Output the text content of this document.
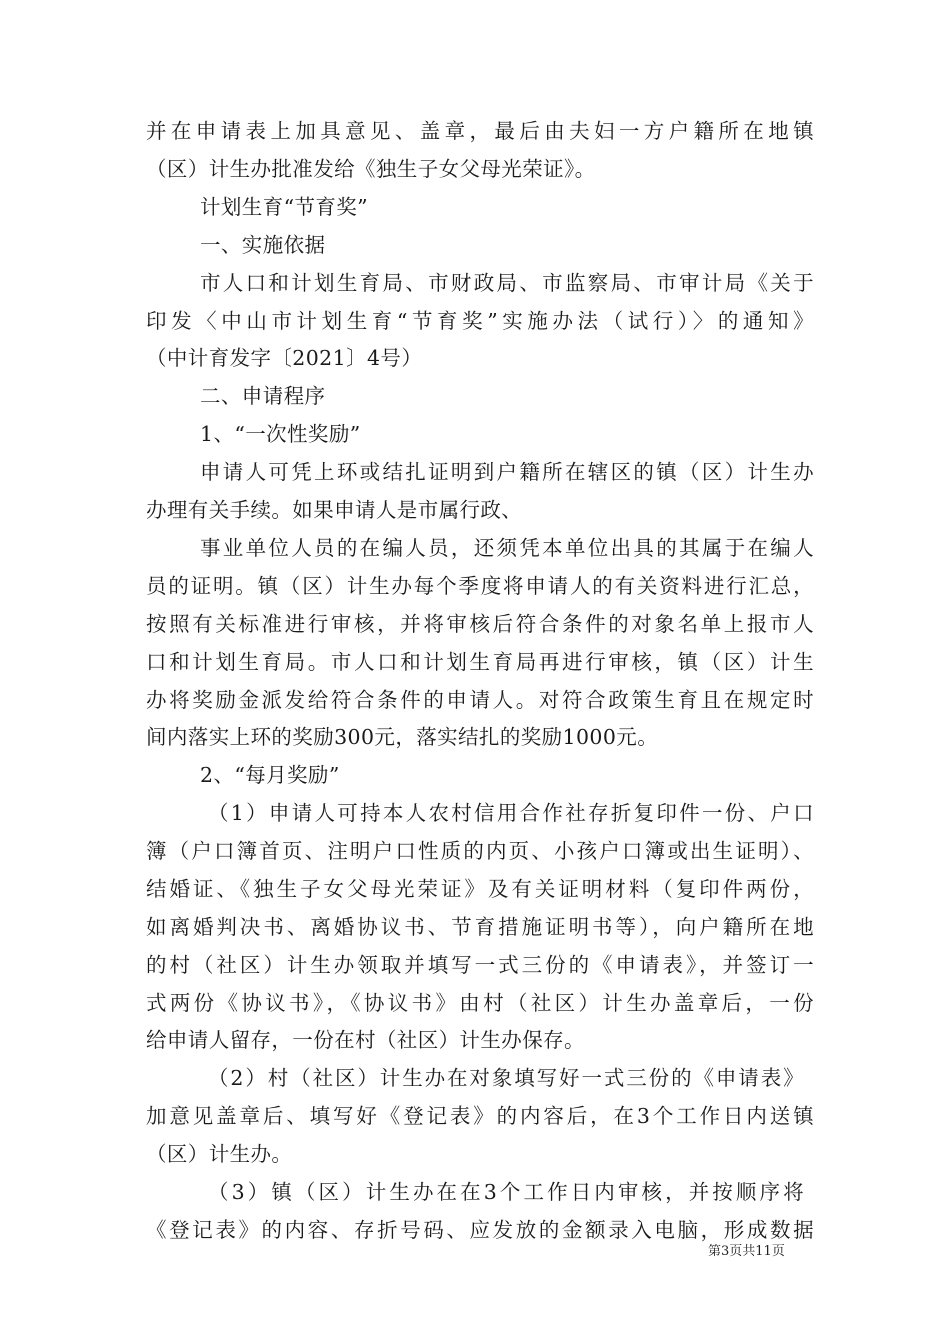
并在申请表上加具意见、盖章，最后由夫妇一方户籍所在地镇
（区）计生办批准发给《独生子女父母光荣证》。
计划生育“节育奖”
一、实施依据
市人口和计划生育局、市财政局、市监察局、市审计局《关于
印发〈中山市计划生育“节育奖”实施办法（试行）〉的通知》
（中计育发字〔2021〕4号）
二、申请程序
1、“一次性奖励”
申请人可凭上环或结扎证明到户籍所在辖区的镇（区）计生办
办理有关手续。如果申请人是市属行政、
事业单位人员的在编人员，还须凭本单位出具的其属于在编人
员的证明。镇（区）计生办每个季度将申请人的有关资料进行汇总，
按照有关标准进行审核，并将审核后符合条件的对象名单上报市人
口和计划生育局。市人口和计划生育局再进行审核，镇（区）计生
办将奖励金派发给符合条件的申请人。对符合政策生育且在规定时
间内落实上环的奖励300元，落实结扎的奖励1000元。
2、“每月奖励”
（1）申请人可持本人农村信用合作社存折复印件一份、户口
簿（户口簿首页、注明户口性质的内页、小孩户口簿或出生证明）、
结婚证、《独生子女父母光荣证》及有关证明材料（复印件两份，
如离婚判决书、离婚协议书、节育措施证明书等），向户籍所在地
的村（社区）计生办领取并填写一式三份的《申请表》，并签订一
式两份《协议书》，《协议书》由村（社区）计生办盖章后，一份
给申请人留存，一份在村（社区）计生办保存。
（2）村（社区）计生办在对象填写好一式三份的《申请表》
加意见盖章后、填写好《登记表》的内容后，在3个工作日内送镇
（区）计生办。
（3）镇（区）计生办在在3个工作日内审核，并按顺序将
《登记表》的内容、存折号码、应发放的金额录入电脑，形成数据
第3页共11页
